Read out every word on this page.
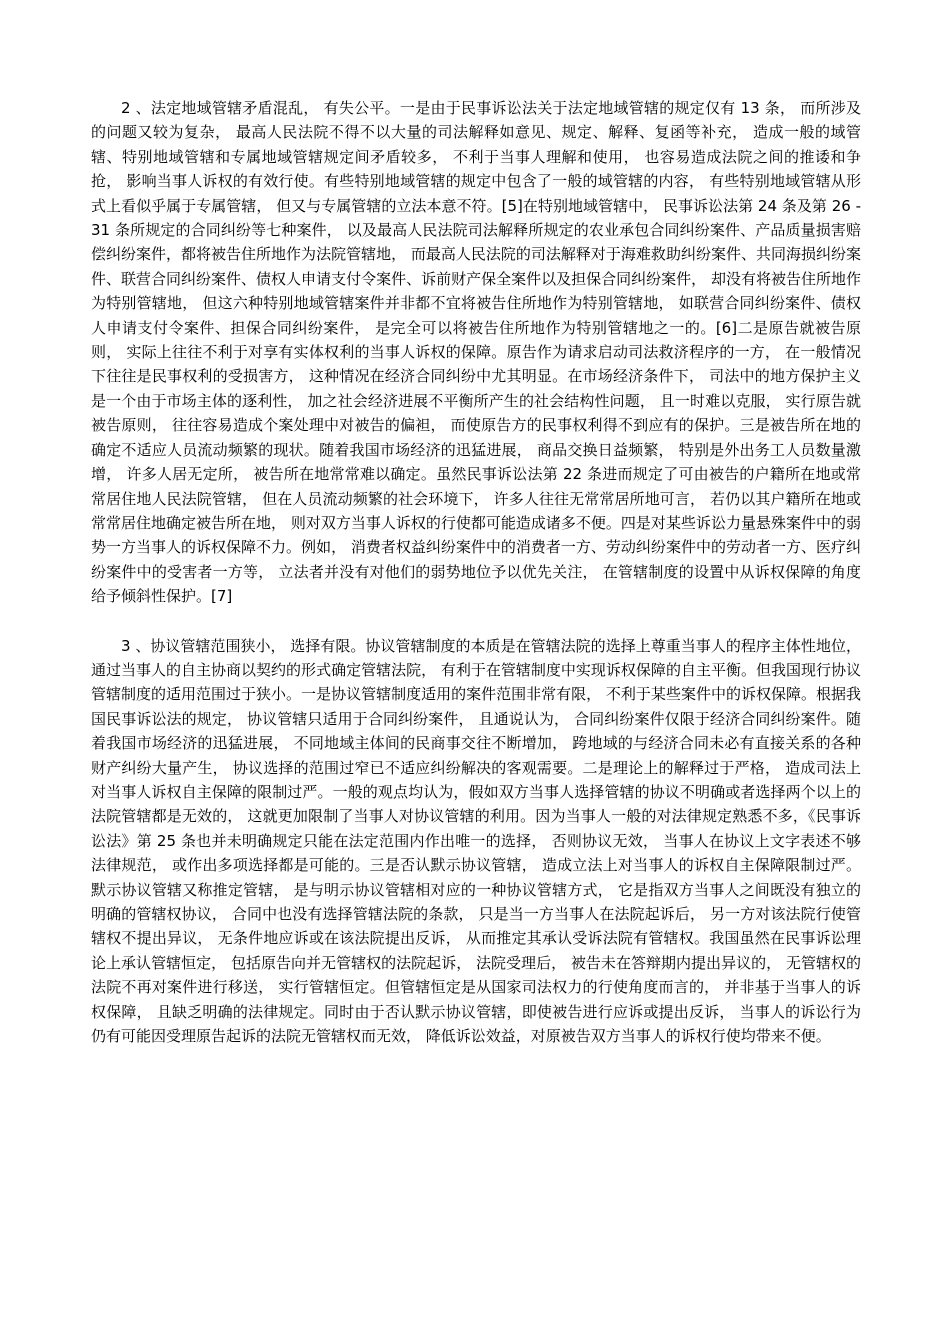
2 、法定地域管辖矛盾混乱， 有失公平。一是由于民事诉讼法关于法定地域管辖的规定仅有 13 条， 而所涉及的问题又较为复杂， 最高人民法院不得不以大量的司法解释如意见、规定、解释、复函等补充， 造成一般的域管辖、特别地域管辖和专属地域管辖规定间矛盾较多， 不利于当事人理解和使用， 也容易造成法院之间的推诿和争抢， 影响当事人诉权的有效行使。有些特别地域管辖的规定中包含了一般的域管辖的内容， 有些特别地域管辖从形式上看似乎属于专属管辖， 但又与专属管辖的立法本意不符。[5]在特别地域管辖中， 民事诉讼法第 24 条及第 26 - 31 条所规定的合同纠纷等七种案件， 以及最高人民法院司法解释所规定的农业承包合同纠纷案件、产品质量损害赔偿纠纷案件，都将被告住所地作为法院管辖地， 而最高人民法院的司法解释对于海难救助纠纷案件、共同海损纠纷案件、联营合同纠纷案件、债权人申请支付令案件、诉前财产保全案件以及担保合同纠纷案件， 却没有将被告住所地作为特别管辖地， 但这六种特别地域管辖案件并非都不宜将被告住所地作为特别管辖地， 如联营合同纠纷案件、债权人申请支付令案件、担保合同纠纷案件， 是完全可以将被告住所地作为特别管辖地之一的。[6]二是原告就被告原则， 实际上往往不利于对享有实体权利的当事人诉权的保障。原告作为请求启动司法救济程序的一方， 在一般情况下往往是民事权利的受损害方， 这种情况在经济合同纠纷中尤其明显。在市场经济条件下， 司法中的地方保护主义是一个由于市场主体的逐利性， 加之社会经济进展不平衡所产生的社会结构性问题， 且一时难以克服， 实行原告就被告原则， 往往容易造成个案处理中对被告的偏袒， 而使原告方的民事权利得不到应有的保护。三是被告所在地的确定不适应人员流动频繁的现状。随着我国市场经济的迅猛进展， 商品交换日益频繁， 特别是外出务工人员数量激增， 许多人居无定所， 被告所在地常常难以确定。虽然民事诉讼法第 22 条进而规定了可由被告的户籍所在地或常常居住地人民法院管辖， 但在人员流动频繁的社会环境下， 许多人往往无常常居所地可言， 若仍以其户籍所在地或常常居住地确定被告所在地， 则对双方当事人诉权的行使都可能造成诸多不便。四是对某些诉讼力量悬殊案件中的弱势一方当事人的诉权保障不力。例如， 消费者权益纠纷案件中的消费者一方、劳动纠纷案件中的劳动者一方、医疗纠纷案件中的受害者一方等， 立法者并没有对他们的弱势地位予以优先关注， 在管辖制度的设置中从诉权保障的角度给予倾斜性保护。[7]

3 、协议管辖范围狭小， 选择有限。协议管辖制度的本质是在管辖法院的选择上尊重当事人的程序主体性地位，通过当事人的自主协商以契约的形式确定管辖法院， 有利于在管辖制度中实现诉权保障的自主平衡。但我国现行协议管辖制度的适用范围过于狭小。一是协议管辖制度适用的案件范围非常有限， 不利于某些案件中的诉权保障。根据我国民事诉讼法的规定， 协议管辖只适用于合同纠纷案件， 且通说认为， 合同纠纷案件仅限于经济合同纠纷案件。随着我国市场经济的迅猛进展， 不同地域主体间的民商事交往不断增加， 跨地域的与经济合同未必有直接关系的各种财产纠纷大量产生， 协议选择的范围过窄已不适应纠纷解决的客观需要。二是理论上的解释过于严格， 造成司法上对当事人诉权自主保障的限制过严。一般的观点均认为，假如双方当事人选择管辖的协议不明确或者选择两个以上的法院管辖都是无效的， 这就更加限制了当事人对协议管辖的利用。因为当事人一般的对法律规定熟悉不多，《民事诉讼法》第 25 条也并未明确规定只能在法定范围内作出唯一的选择， 否则协议无效， 当事人在协议上文字表述不够法律规范， 或作出多项选择都是可能的。三是否认默示协议管辖， 造成立法上对当事人的诉权自主保障限制过严。默示协议管辖又称推定管辖， 是与明示协议管辖相对应的一种协议管辖方式， 它是指双方当事人之间既没有独立的明确的管辖权协议， 合同中也没有选择管辖法院的条款， 只是当一方当事人在法院起诉后， 另一方对该法院行使管辖权不提出异议， 无条件地应诉或在该法院提出反诉， 从而推定其承认受诉法院有管辖权。我国虽然在民事诉讼理论上承认管辖恒定， 包括原告向并无管辖权的法院起诉， 法院受理后， 被告未在答辩期内提出异议的， 无管辖权的法院不再对案件进行移送， 实行管辖恒定。但管辖恒定是从国家司法权力的行使角度而言的， 并非基于当事人的诉权保障， 且缺乏明确的法律规定。同时由于否认默示协议管辖，即使被告进行应诉或提出反诉， 当事人的诉讼行为仍有可能因受理原告起诉的法院无管辖权而无效， 降低诉讼效益，对原被告双方当事人的诉权行使均带来不便。
